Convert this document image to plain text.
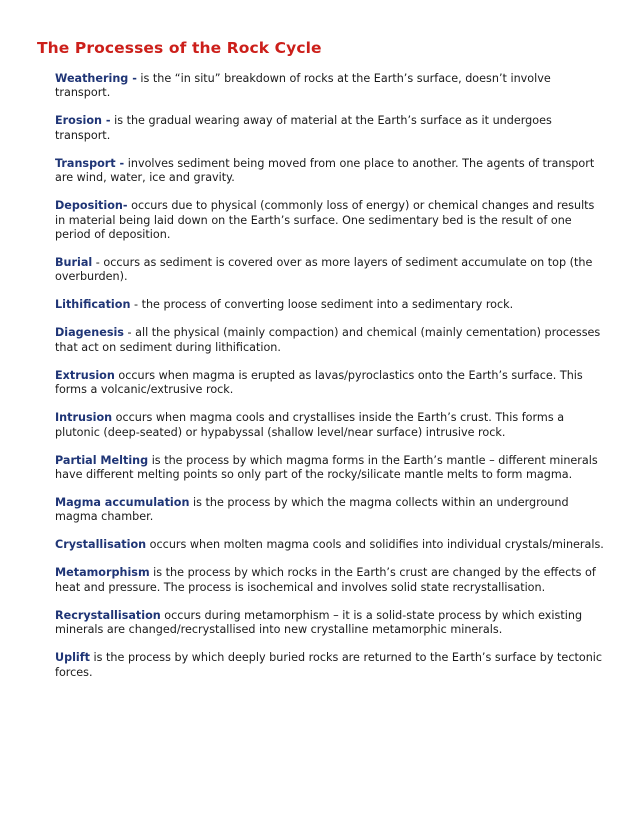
The Processes of the Rock Cycle

Weathering - is the “in situ” breakdown of rocks at the Earth’s surface, doesn’t involve transport.

Erosion - is the gradual wearing away of material at the Earth’s surface as it undergoes transport.

Transport - involves sediment being moved from one place to another. The agents of transport are wind, water, ice and gravity.

Deposition- occurs due to physical (commonly loss of energy) or chemical changes and results in material being laid down on the Earth’s surface. One sedimentary bed is the result of one period of deposition.

Burial - occurs as sediment is covered over as more layers of sediment accumulate on top (the overburden).

Lithification - the process of converting loose sediment into a sedimentary rock.

Diagenesis - all the physical (mainly compaction) and chemical (mainly cementation) processes that act on sediment during lithification.

Extrusion occurs when magma is erupted as lavas/pyroclastics onto the Earth’s surface. This forms a volcanic/extrusive rock.

Intrusion occurs when magma cools and crystallises inside the Earth’s crust. This forms a plutonic (deep-seated) or hypabyssal (shallow level/near surface) intrusive rock.

Partial Melting is the process by which magma forms in the Earth’s mantle – different minerals have different melting points so only part of the rocky/silicate mantle melts to form magma.

Magma accumulation is the process by which the magma collects within an underground magma chamber.

Crystallisation occurs when molten magma cools and solidifies into individual crystals/minerals.

Metamorphism is the process by which rocks in the Earth’s crust are changed by the effects of heat and pressure. The process is isochemical and involves solid state recrystallisation.

Recrystallisation occurs during metamorphism – it is a solid-state process by which existing minerals are changed/recrystallised into new crystalline metamorphic minerals.

Uplift is the process by which deeply buried rocks are returned to the Earth’s surface by tectonic forces.
